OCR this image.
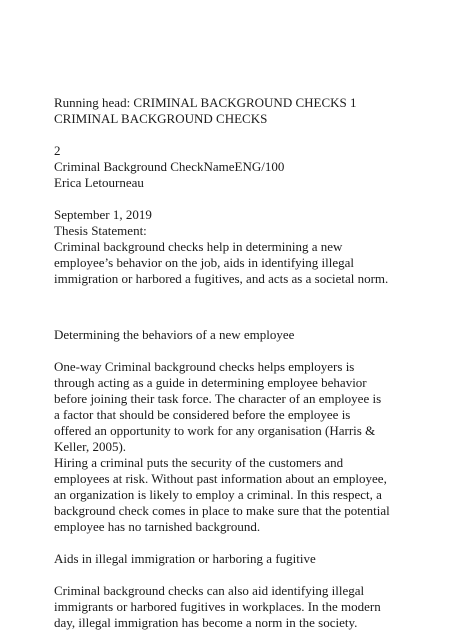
Running head: CRIMINAL BACKGROUND CHECKS 1
CRIMINAL BACKGROUND CHECKS
2
Criminal Background CheckNameENG/100
Erica Letourneau
September 1, 2019
Thesis Statement:
Criminal background checks help in determining a new
employee’s behavior on the job, aids in identifying illegal
immigration or harbored a fugitives, and acts as a societal norm.
Determining the behaviors of a new employee
One-way Criminal background checks helps employers is
through acting as a guide in determining employee behavior
before joining their task force. The character of an employee is
a factor that should be considered before the employee is
offered an opportunity to work for any organisation (Harris &
Keller, 2005).
Hiring a criminal puts the security of the customers and
employees at risk. Without past information about an employee,
an organization is likely to employ a criminal. In this respect, a
background check comes in place to make sure that the potential
employee has no tarnished background.
Aids in illegal immigration or harboring a fugitive
Criminal background checks can also aid identifying illegal
immigrants or harbored fugitives in workplaces. In the modern
day, illegal immigration has become a norm in the society.
